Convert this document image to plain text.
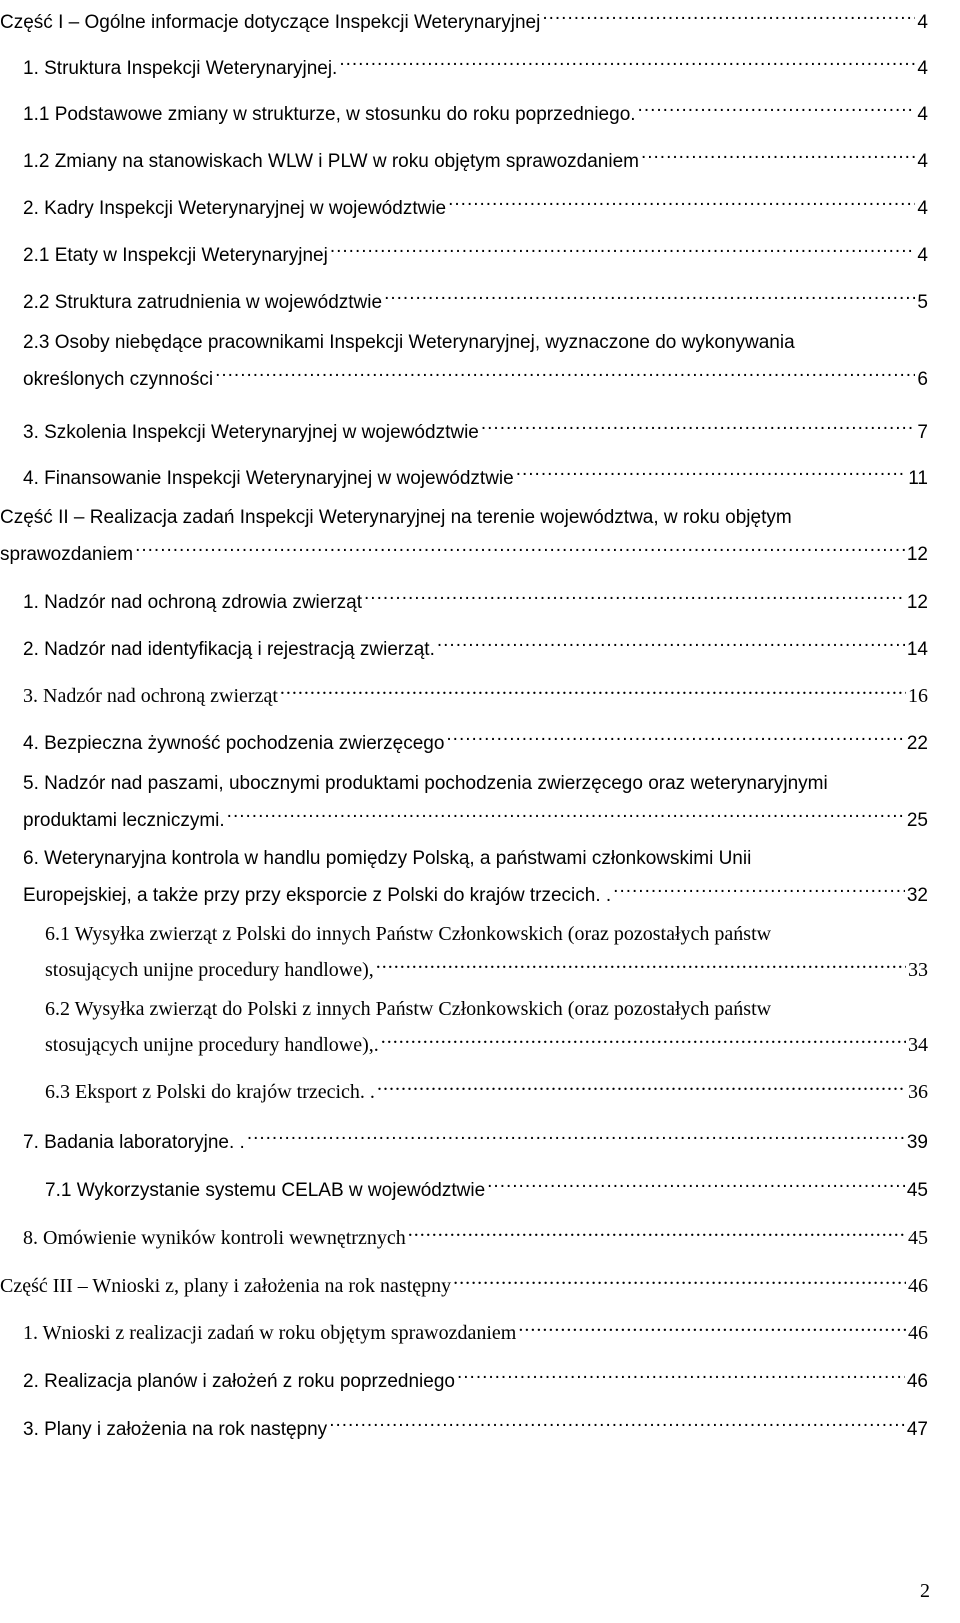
Część I – Ogólne informacje dotyczące Inspekcji Weterynaryjnej .....	4
1. Struktura Inspekcji Weterynaryjnej. .....	4
1.1 Podstawowe zmiany w strukturze, w stosunku do roku poprzedniego. .....	4
1.2 Zmiany na stanowiskach WLW i PLW w roku objętym sprawozdaniem .....	4
2. Kadry Inspekcji Weterynaryjnej w województwie .....	4
2.1 Etaty w Inspekcji Weterynaryjnej .....	4
2.2 Struktura zatrudnienia w województwie .....	5
2.3 Osoby niebędące pracownikami Inspekcji Weterynaryjnej, wyznaczone do wykonywania
określonych czynności .....	6
3. Szkolenia Inspekcji Weterynaryjnej w województwie .....	7
4. Finansowanie Inspekcji Weterynaryjnej w województwie .....	11
Część II – Realizacja zadań Inspekcji Weterynaryjnej na terenie województwa, w roku objętym
sprawozdaniem .....	12
1. Nadzór nad ochroną zdrowia zwierząt .....	12
2. Nadzór nad identyfikacją i rejestracją zwierząt. .....	14
3. Nadzór nad ochroną zwierząt .....	16
4. Bezpieczna żywność pochodzenia zwierzęcego .....	22
5. Nadzór nad paszami, ubocznymi produktami pochodzenia zwierzęcego oraz weterynaryjnymi
produktami leczniczymi. .....	25
6. Weterynaryjna kontrola w handlu pomiędzy Polską, a państwami członkowskimi Unii
Europejskiej, a także przy przy eksporcie z Polski do krajów trzecich. . .....	32
6.1 Wysyłka zwierząt z Polski do innych Państw Członkowskich (oraz pozostałych państw
stosujących unijne procedury handlowe), .....	33
6.2 Wysyłka zwierząt do Polski z innych Państw Członkowskich (oraz pozostałych państw
stosujących unijne procedury handlowe),. .....	34
6.3 Eksport z Polski do krajów trzecich. . .....	36
7. Badania laboratoryjne. . .....	39
7.1 Wykorzystanie systemu CELAB w województwie .....	45
8. Omówienie wyników kontroli wewnętrznych .....	45
Część III – Wnioski z, plany i założenia na rok następny .....	46
1. Wnioski z realizacji zadań w roku objętym sprawozdaniem .....	46
2. Realizacja planów i założeń z roku poprzedniego .....	46
3. Plany i założenia na rok następny .....	47
2
